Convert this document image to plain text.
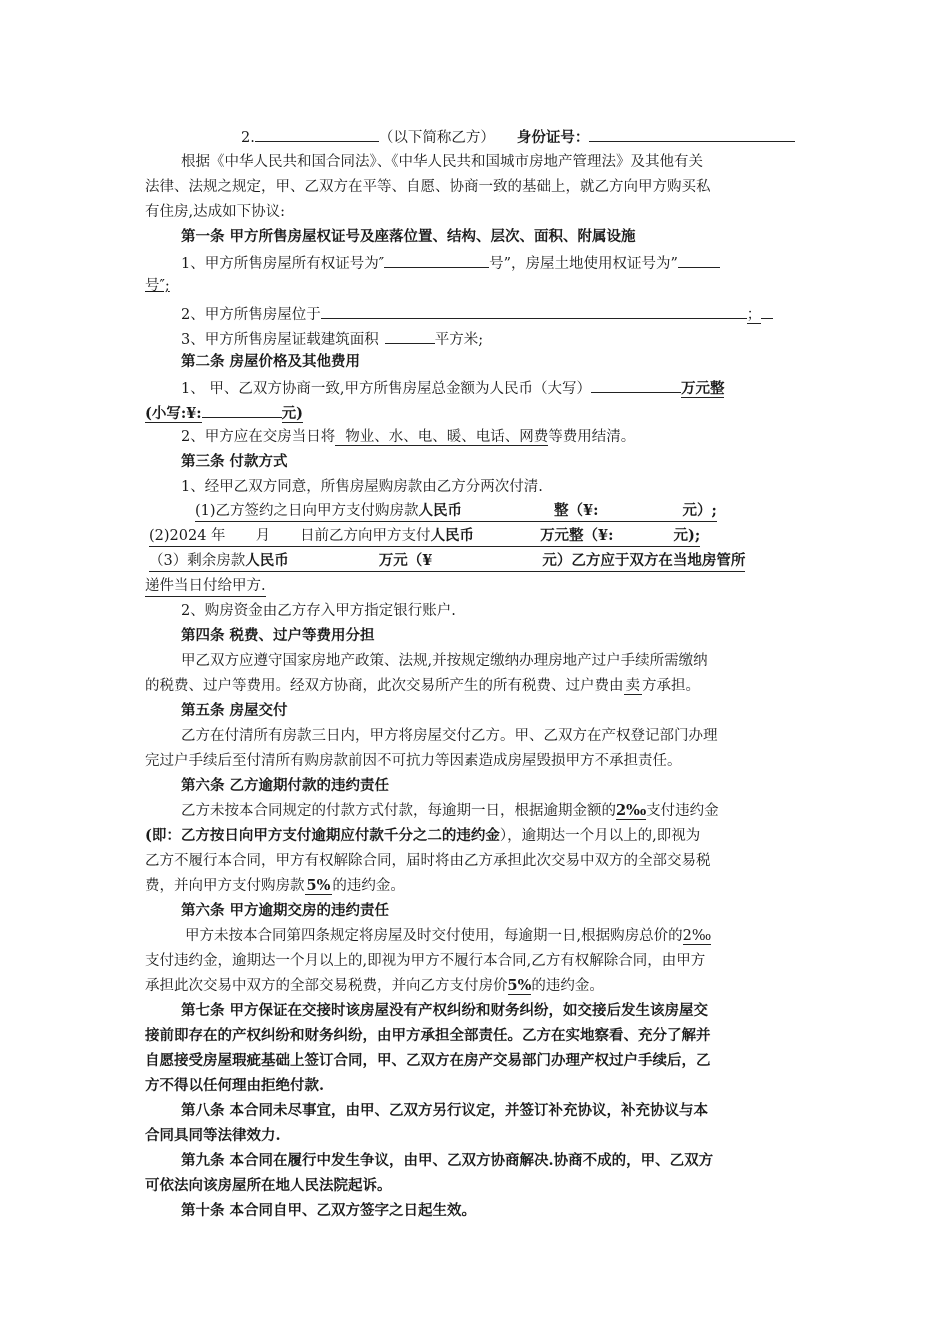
2.	（以下简称乙方） 身份证号：
根据《中华人民共和国合同法》、《中华人民共和国城市房地产管理法》及其他有关
法律、法规之规定，甲、乙双方在平等、自愿、协商一致的基础上，就乙方向甲方购买私
有住房,达成如下协议:
第一条 甲方所售房屋权证号及座落位置、结构、层次、面积、附属设施
1、甲方所售房屋所有权证号为″	号”，房屋土地使用权证号为”
号″;
2、甲方所售房屋位于	；
3、甲方所售房屋证载建筑面积	平方米;
第二条 房屋价格及其他费用
1、 甲、乙双方协商一致,甲方所售房屋总金额为人民币（大写）	万元整
(小写:¥:	元)
2、甲方应在交房当日将 物业、水、电、暖、电话、网费等费用结清。
第三条 付款方式
1、经甲乙双方同意，所售房屋购房款由乙方分两次付清.
(1)乙方签约之日向甲方支付购房款人民币	整（¥:	元）;
(2)2024 年 月 日前乙方向甲方支付人民币	万元整（¥:	元);
（3）剩余房款人民币	万元（¥	元）乙方应于双方在当地房管所
递件当日付给甲方.
2、购房资金由乙方存入甲方指定银行账户.
第四条 税费、过户等费用分担
甲乙双方应遵守国家房地产政策、法规,并按规定缴纳办理房地产过户手续所需缴纳
的税费、过户等费用。经双方协商，此次交易所产生的所有税费、过户费由 卖 方承担。
第五条 房屋交付
乙方在付清所有房款三日内，甲方将房屋交付乙方。甲、乙双方在产权登记部门办理
完过户手续后至付清所有购房款前因不可抗力等因素造成房屋毁损甲方不承担责任。
第六条 乙方逾期付款的违约责任
乙方未按本合同规定的付款方式付款，每逾期一日，根据逾期金额的2‰支付违约金
(即：乙方按日向甲方支付逾期应付款千分之二的违约金），逾期达一个月以上的,即视为
乙方不履行本合同，甲方有权解除合同，届时将由乙方承担此次交易中双方的全部交易税
费，并向甲方支付购房款 5% 的违约金。
第六条 甲方逾期交房的违约责任
甲方未按本合同第四条规定将房屋及时交付使用，每逾期一日,根据购房总价的2‰
支付违约金，逾期达一个月以上的,即视为甲方不履行本合同,乙方有权解除合同，由甲方
承担此次交易中双方的全部交易税费，并向乙方支付房价5%的违约金。
第七条 甲方保证在交接时该房屋没有产权纠纷和财务纠纷，如交接后发生该房屋交
接前即存在的产权纠纷和财务纠纷，由甲方承担全部责任。乙方在实地察看、充分了解并
自愿接受房屋瑕疵基础上签订合同，甲、乙双方在房产交易部门办理产权过户手续后，乙
方不得以任何理由拒绝付款.
第八条 本合同未尽事宜，由甲、乙双方另行议定，并签订补充协议，补充协议与本
合同具同等法律效力.
第九条 本合同在履行中发生争议，由甲、乙双方协商解决.协商不成的，甲、乙双方
可依法向该房屋所在地人民法院起诉。
第十条 本合同自甲、乙双方签字之日起生效。
